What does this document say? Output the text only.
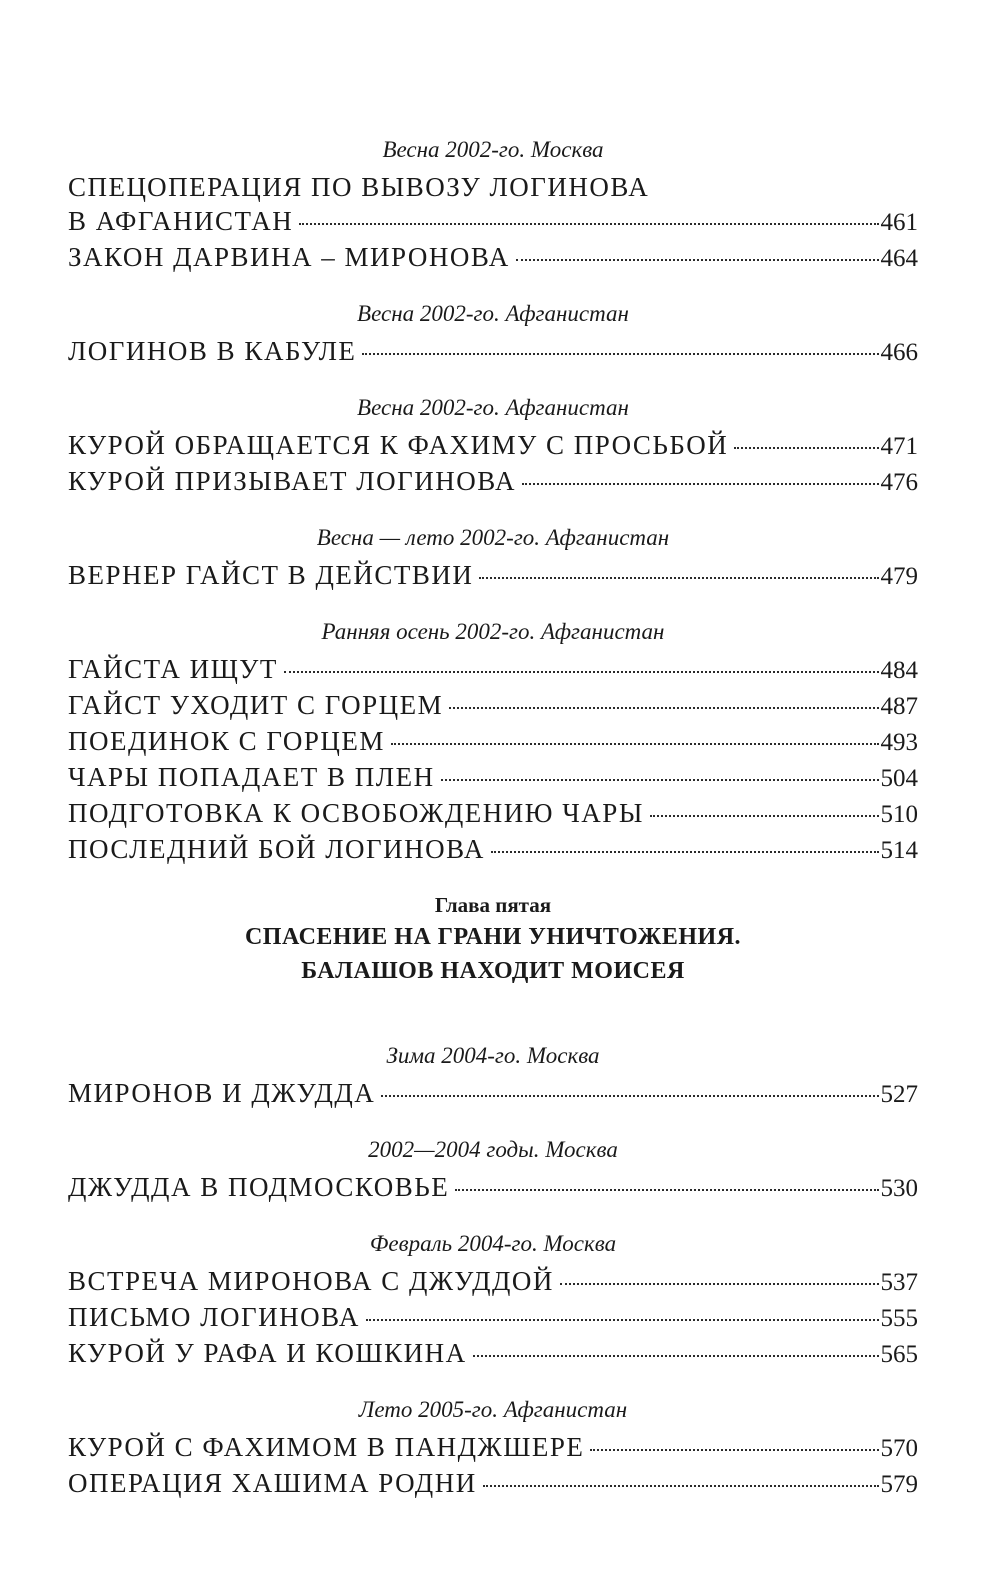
Весна 2002-го. Москва
СПЕЦОПЕРАЦИЯ ПО ВЫВОЗУ ЛОГИНОВА
В АФГАНИСТАН	461
ЗАКОН ДАРВИНА – МИРОНОВА	464
Весна 2002-го. Афганистан
ЛОГИНОВ В КАБУЛЕ	466
Весна 2002-го. Афганистан
КУРОЙ ОБРАЩАЕТСЯ К ФАХИМУ С ПРОСЬБОЙ	471
КУРОЙ ПРИЗЫВАЕТ ЛОГИНОВА	476
Весна — лето 2002-го. Афганистан
ВЕРНЕР ГАЙСТ В ДЕЙСТВИИ	479
Ранняя осень 2002-го. Афганистан
ГАЙСТА ИЩУТ	484
ГАЙСТ УХОДИТ С ГОРЦЕМ	487
ПОЕДИНОК С ГОРЦЕМ	493
ЧАРЫ ПОПАДАЕТ В ПЛЕН	504
ПОДГОТОВКА К ОСВОБОЖДЕНИЮ ЧАРЫ	510
ПОСЛЕДНИЙ БОЙ ЛОГИНОВА	514
Глава пятая
СПАСЕНИЕ НА ГРАНИ УНИЧТОЖЕНИЯ.
БАЛАШОВ НАХОДИТ МОИСЕЯ
Зима 2004-го. Москва
МИРОНОВ И ДЖУДДА	527
2002—2004 годы. Москва
ДЖУДДА В ПОДМОСКОВЬЕ	530
Февраль 2004-го. Москва
ВСТРЕЧА МИРОНОВА С ДЖУДДОЙ	537
ПИСЬМО ЛОГИНОВА	555
КУРОЙ У РАФА И КОШКИНА	565
Лето 2005-го. Афганистан
КУРОЙ С ФАХИМОМ В ПАНДЖШЕРЕ	570
ОПЕРАЦИЯ ХАШИМА РОДНИ	579
